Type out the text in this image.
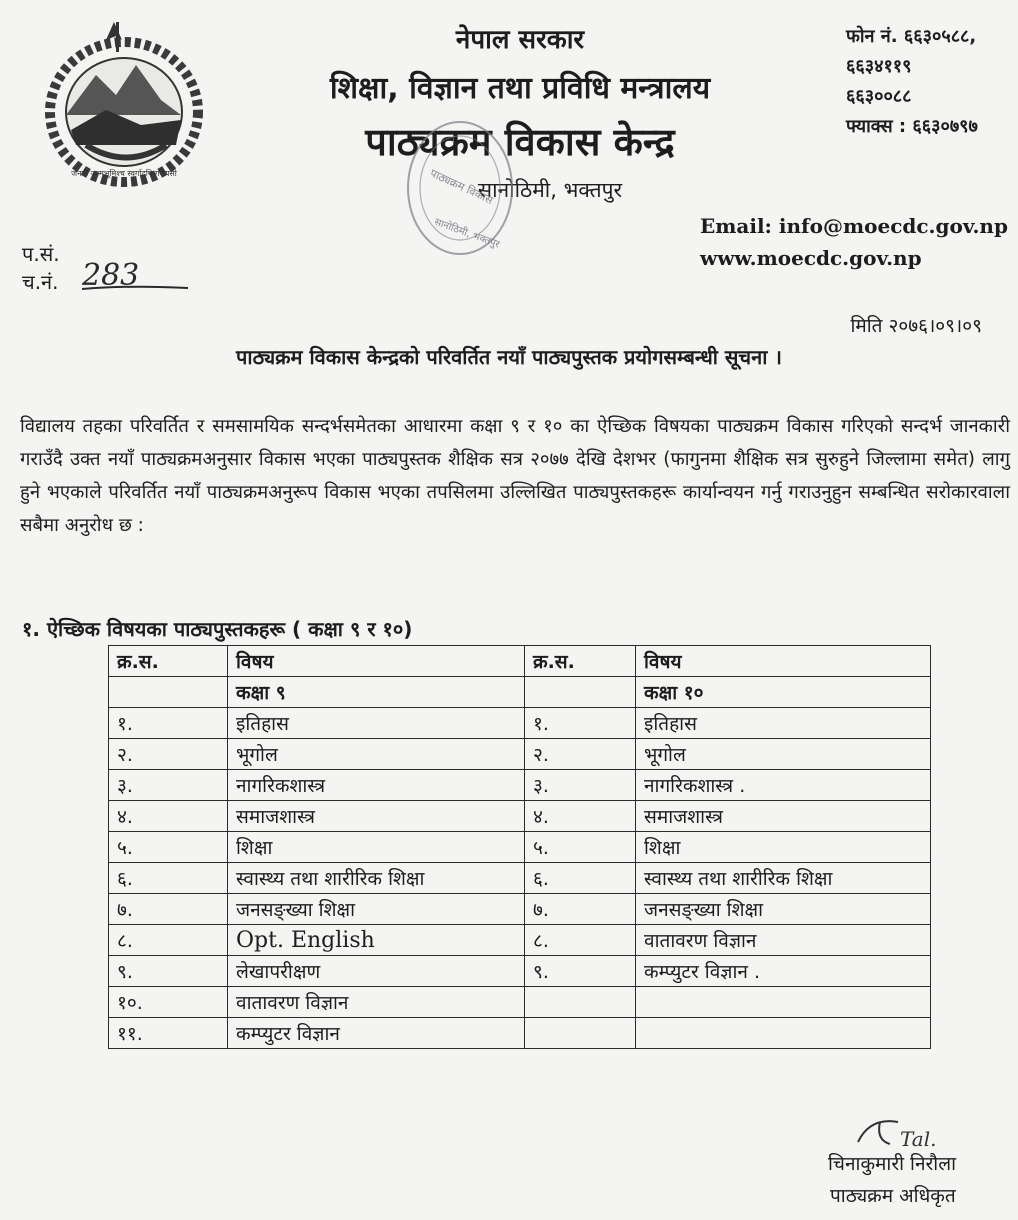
जननी जन्मभूमिश्च स्वर्गादपि गरीयसी
नेपाल सरकार
शिक्षा, विज्ञान तथा प्रविधि मन्त्रालय
पाठ्यक्रम विकास केन्द्र
सानोठिमी, भक्तपुर
पाठ्यक्रम विकास
सानोठिमी, भक्तपुर
फोन नं. ६६३०५८८,
६६३४११९
६६३००८८
फ्याक्स : ६६३०७९७
Email: info@moecdc.gov.np
www.moecdc.gov.np
प.सं.
च.नं. 283
मिति २०७६।०९।०९
पाठ्यक्रम विकास केन्द्रको परिवर्तित नयाँ पाठ्यपुस्तक प्रयोगसम्बन्धी सूचना ।
विद्यालय तहका परिवर्तित र समसामयिक सन्दर्भसमेतका आधारमा कक्षा ९ र १० का ऐच्छिक विषयका पाठ्यक्रम विकास गरिएको सन्दर्भ जानकारी गराउँदै उक्त नयाँ पाठ्यक्रमअनुसार विकास भएका पाठ्यपुस्तक शैक्षिक सत्र २०७७ देखि देशभर (फागुनमा शैक्षिक सत्र सुरुहुने जिल्लामा समेत) लागु हुने भएकाले परिवर्तित नयाँ पाठ्यक्रमअनुरूप विकास भएका तपसिलमा उल्लिखित पाठ्यपुस्तकहरू कार्यान्वयन गर्नु गराउनुहुन सम्बन्धित सरोकारवाला सबैमा अनुरोध छ :
१. ऐच्छिक विषयका पाठ्यपुस्तकहरू ( कक्षा ९ र १०)
क्र.स.	विषय	क्र.स.	विषय
	कक्षा ९		कक्षा १०
१.	इतिहास	१.	इतिहास
२.	भूगोल	२.	भूगोल
३.	नागरिकशास्त्र	३.	नागरिकशास्त्र .
४.	समाजशास्त्र	४.	समाजशास्त्र
५.	शिक्षा	५.	शिक्षा
६.	स्वास्थ्य तथा शारीरिक शिक्षा	६.	स्वास्थ्य तथा शारीरिक शिक्षा
७.	जनसङ्ख्या शिक्षा	७.	जनसङ्ख्या शिक्षा
८.	Opt. English	८.	वातावरण विज्ञान
९.	लेखापरीक्षण	९.	कम्प्युटर विज्ञान .
१०.	वातावरण विज्ञान		
११.	कम्प्युटर विज्ञान		
Tal.
चिनाकुमारी निरौला
पाठ्यक्रम अधिकृत
